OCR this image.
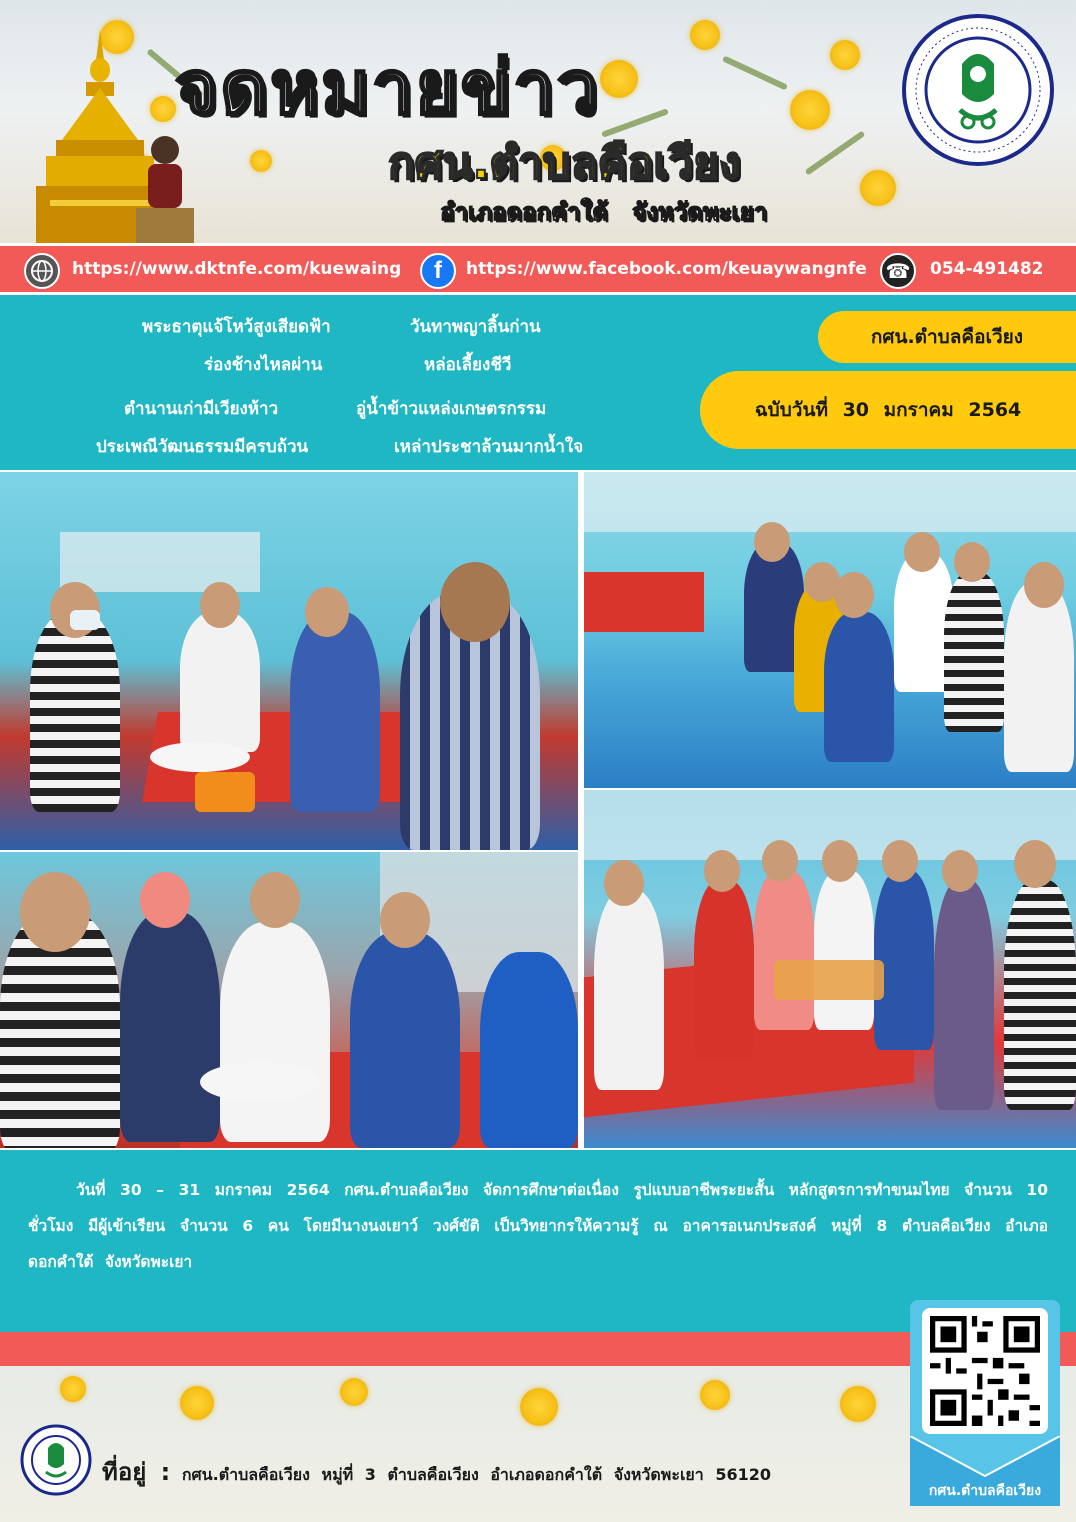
จดหมายข่าว
กศน.ตำบลคือเวียง
อำเภอดอกคำใต้ จังหวัดพะเยา
https://www.dktnfe.com/kuewaing f https://www.facebook.com/keuaywangnfe ☎ 054-491482
พระธาตุแจ้โหว้สูงเสียดฟ้า	วันทาพญาลิ้นก่าน
ร่องช้างไหลผ่าน	หล่อเลี้ยงชีวี
ตำนานเก่ามีเวียงห้าว	อู่น้ำข้าวแหล่งเกษตรกรรม
ประเพณีวัฒนธรรมมีครบถ้วน	เหล่าประชาล้วนมากน้ำใจ
กศน.ตำบลคือเวียง
ฉบับวันที่ 30 มกราคม 2564

วันที่ 30 – 31 มกราคม 2564 กศน.ตำบลคือเวียง จัดการศึกษาต่อเนื่อง รูปแบบอาชีพระยะสั้น หลักสูตรการทำขนมไทย จำนวน 10 ชั่วโมง มีผู้เข้าเรียน จำนวน 6 คน โดยมีนางนงเยาว์ วงศ์ขัติ เป็นวิทยากรให้ความรู้ ณ อาคารอเนกประสงค์ หมู่ที่ 8 ตำบลคือเวียง อำเภอดอกคำใต้ จังหวัดพะเยา

ที่อยู่ : กศน.ตำบลคือเวียง หมู่ที่ 3 ตำบลคือเวียง อำเภอดอกคำใต้ จังหวัดพะเยา 56120
กศน.ตำบลคือเวียง
